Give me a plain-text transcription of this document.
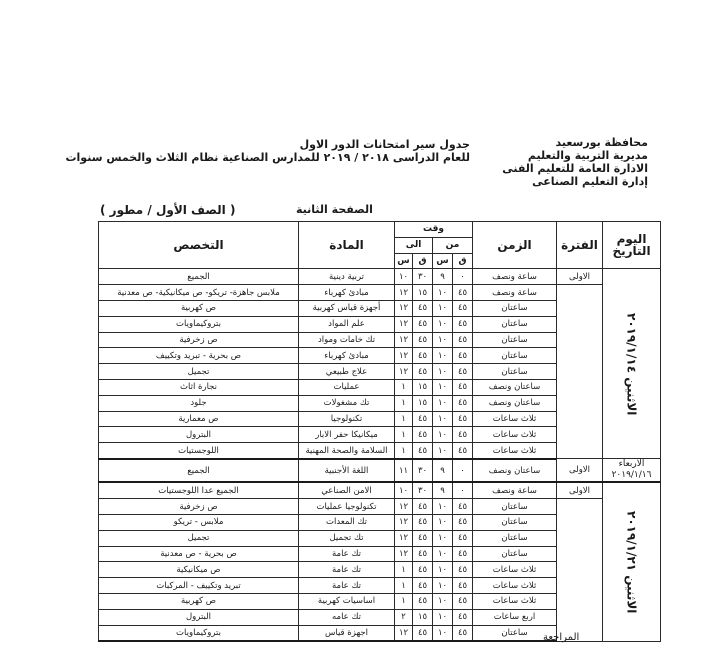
محافظة بورسعيد
مديرية التربية والتعليم
الادارة العامة للتعليم الفنى
إدارة التعليم الصناعى
جدول سير امتحانات الدور الاول
للعام الدراسى ٢٠١٨ / ٢٠١٩ للمدارس الصناعية نظام الثلاث والخمس سنوات
الصفحة الثانية
( الصف الأول / مطور )
اليوم
التاريخ	الفترة	الزمن	وقت				المادة	التخصص
			من		الى			
			ق	س	ق	س		

الاثنين ٢٠١٩/١/١٤	الاولى	ساعة ونصف	٠	٩	٣٠	١٠	تربية دينية	الجميع
		ساعة ونصف	٤٥	١٠	١٥	١٢	مبادئ كهرباء	ملابس جاهزة- تريكو- ص ميكانيكية- ص معدنية
		ساعتان	٤٥	١٠	٤٥	١٢	أجهزة قياس كهربية	ص كهربية
		ساعتان	٤٥	١٠	٤٥	١٢	علم المواد	بتروكيماويات
		ساعتان	٤٥	١٠	٤٥	١٢	تك خامات ومواد	ص زخرفية
		ساعتان	٤٥	١٠	٤٥	١٢	مبادئ كهرباء	ص بحرية - تبريد وتكييف
		ساعتان	٤٥	١٠	٤٥	١٢	علاج طبيعي	تجميل
		ساعتان ونصف	٤٥	١٠	١٥	١	عمليات	نجارة اثاث
		ساعتان ونصف	٤٥	١٠	١٥	١	تك مشغولات	جلود
		ثلاث ساعات	٤٥	١٠	٤٥	١	تكنولوجيا	ص معمارية
		ثلاث ساعات	٤٥	١٠	٤٥	١	ميكانيكا حفر الابار	البترول
		ثلاث ساعات	٤٥	١٠	٤٥	١	السلامة والصحة المهنية	اللوجستيات

الاربعاء ٢٠١٩/١/١٦	الاولى	ساعتان ونصف	٠	٩	٣٠	١١	اللغة الأجنبية	الجميع

الاثنين ٢٠١٩/١/٢١	الاولى	ساعة ونصف	٠	٩	٣٠	١٠	الامن الصناعي	الجميع عدا اللوجستيات
		ساعتان	٤٥	١٠	٤٥	١٢	تكنولوجيا عمليات	ص زخرفية
		ساعتان	٤٥	١٠	٤٥	١٢	تك المعدات	ملابس - تريكو
		ساعتان	٤٥	١٠	٤٥	١٢	تك تجميل	تجميل
		ساعتان	٤٥	١٠	٤٥	١٢	تك عامة	ص بحرية - ص معدنية
		ثلاث ساعات	٤٥	١٠	٤٥	١	تك عامة	ص ميكانيكية
		ثلاث ساعات	٤٥	١٠	٤٥	١	تك عامة	تبريد وتكييف - المركبات
		ثلاث ساعات	٤٥	١٠	٤٥	١	اساسيات كهربية	ص كهربية
		اربع ساعات	٤٥	١٠	١٥	٢	تك عامه	البترول
		ساعتان	٤٥	١٠	٤٥	١٢	اجهزة قياس	بتروكيماويات	المراجعة
